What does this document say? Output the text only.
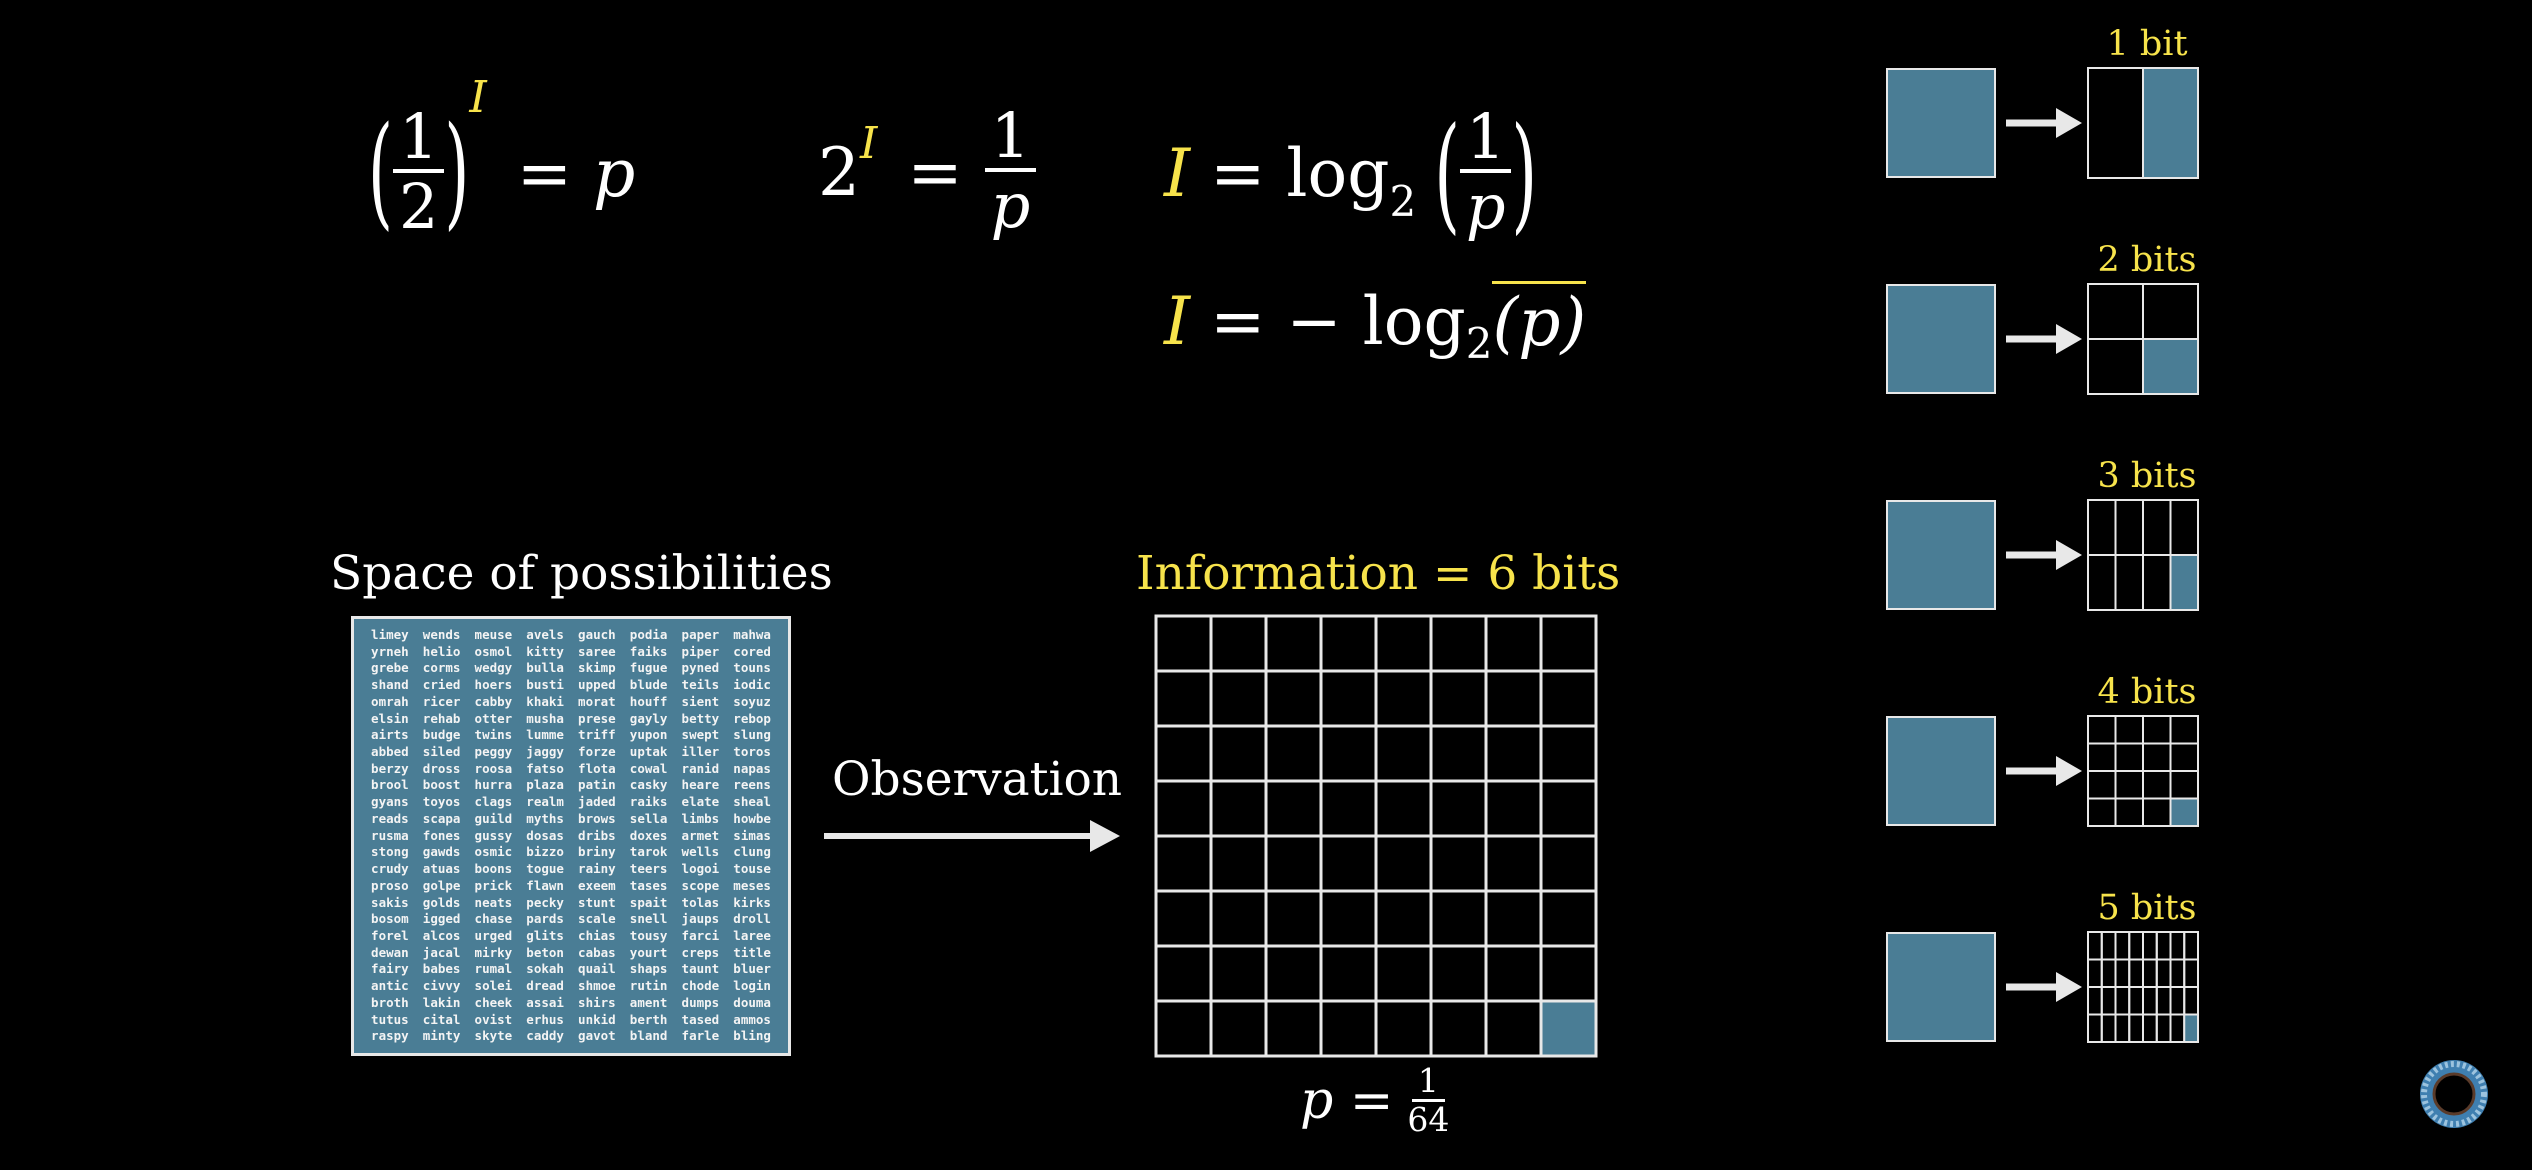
( $\frac{1}{2}$ )
I
= p	2 $I = \frac{1}{p}$ I = log 2 ( $\frac{1}{p}$ )
I = − log 2 (p)
Space of possibilities
limey	wends	meuse	avels	gauch	podia	paper	mahwa
yrneh	helio	osmol	kitty	saree	faiks	piper	cored
grebe	corms	wedgy	bulla	skimp	fugue	pyned	touns
shand	cried	hoers	busti	upped	blude	teils	iodic
omrah	ricer	cabby	khaki	morat	houff	sient	soyuz
elsin	rehab	otter	musha	prese	gayly	betty	rebop
airts	budge	twins	lumme	triff	yupon	swept	slung
abbed	siled	peggy	jaggy	forze	uptak	iller	toros
berzy	dross	roosa	fatso	flota	cowal	ranid	napas
brool	boost	hurra	plaza	patin	casky	heare	reens
gyans	toyos	clags	realm	jaded	raiks	elate	sheal
reads	scapa	guild	myths	brows	sella	limbs	howbe
rusma	fones	gussy	dosas	dribs	doxes	armet	simas
stong	gawds	osmic	bizzo	briny	tarok	wells	clung
crudy	atuas	boons	togue	rainy	teers	logoi	touse
proso	golpe	prick	flawn	exeem	tases	scope	meses
sakis	golds	neats	pecky	stunt	spait	tolas	kirks
bosom	igged	chase	pards	scale	snell	jaups	droll
forel	alcos	urged	glits	chias	tousy	farci	laree
dewan	jacal	mirky	beton	cabas	yourt	creps	title
fairy	babes	rumal	sokah	quail	shaps	taunt	bluer
antic	civvy	solei	dread	shmoe	rutin	chode	login
broth	lakin	cheek	assai	shirs	ament	dumps	douma
tutus	cital	ovist	erhus	unkid	berth	tased	ammos
raspy	minty	skyte	caddy	gavot	bland	farle	bling
Observation
Information = 6 bits
$p = \frac{1}{64}$
1 bit
2 bits
3 bits
4 bits
5 bits
